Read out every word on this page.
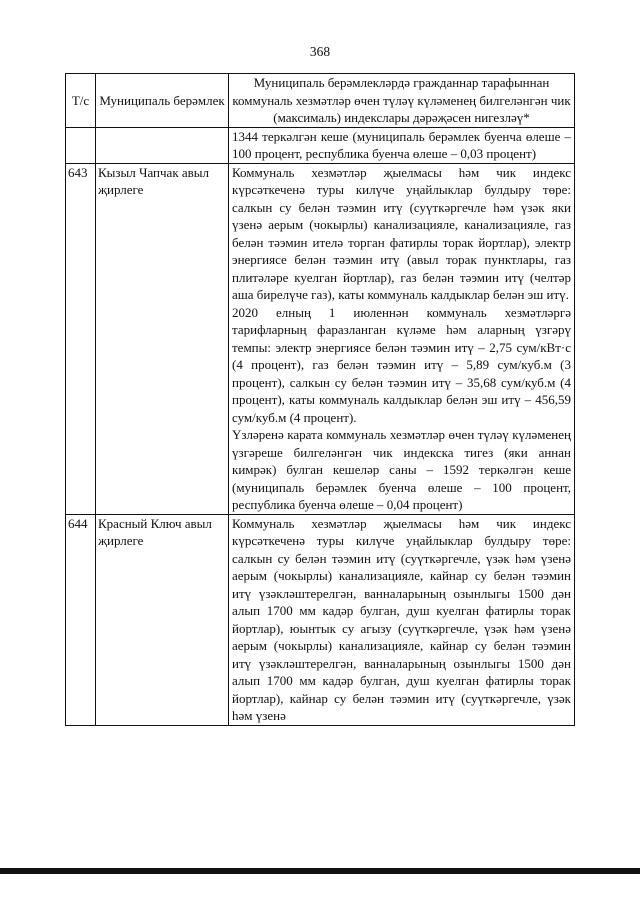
368
Т/с	Муниципаль берәмлек	Муниципаль берәмлекләрдә гражданнар тарафыннан коммуналь хезмәтләр өчен түләү күләменең билгеләнгән чик (максималь) индекслары дәрәҗәсен нигезләү*

		1344 теркәлгән кеше (муниципаль берәмлек буенча өлеше – 100 процент, республика буенча өлеше – 0,03 процент)

643	Кызыл Чапчак авыл җирлеге	Коммуналь хезмәтләр җыелмасы һәм чик индекс күрсәткеченә туры килүче уңайлыклар булдыру төре: салкын су белән тәэмин итү (суүткәргечле һәм үзәк яки үзенә аерым (чокырлы) канализацияле, канализацияле, газ белән тәэмин ителә торган фатирлы торак йортлар), электр энергиясе белән тәэмин итү (авыл торак пунктлары, газ плитәләре куелган йортлар), газ белән тәэмин итү (челтәр аша бирелүче газ), каты коммуналь калдыклар белән эш итү.

2020 елның 1 июленнән коммуналь хезмәтләргә тарифларның фаразланган күләме һәм аларның үзгәрү темпы: электр энергиясе белән тәэмин итү – 2,75 сум/кВт·с (4 процент), газ белән тәэмин итү – 5,89 сум/куб.м (3 процент), салкын су белән тәэмин итү – 35,68 сум/куб.м (4 процент), каты коммуналь калдыклар белән эш итү – 456,59 сум/куб.м (4 процент).

Үзләренә карата коммуналь хезмәтләр өчен түләү күләменең үзгәреше билгеләнгән чик индекска тигез (яки аннан кимрәк) булган кешеләр саны – 1592 теркәлгән кеше (муниципаль берәмлек буенча өлеше – 100 процент, республика буенча өлеше – 0,04 процент)

644	Красный Ключ авыл җирлеге	Коммуналь хезмәтләр җыелмасы һәм чик индекс күрсәткеченә туры килүче уңайлыклар булдыру төре: салкын су белән тәэмин итү (суүткәргечле, үзәк һәм үзенә аерым (чокырлы) канализацияле, кайнар су белән тәэмин итү үзәкләштерелгән, ванналарының озынлыгы 1500 дән алып 1700 мм кадәр булган, душ куелган фатирлы торак йортлар), юынтык су агызу (суүткәргечле, үзәк һәм үзенә аерым (чокырлы) канализацияле, кайнар су белән тәэмин итү үзәкләштерелгән, ванналарының озынлыгы 1500 дән алып 1700 мм кадәр булган, душ куелган фатирлы торак йортлар), кайнар су белән тәэмин итү (суүткәргечле, үзәк һәм үзенә
